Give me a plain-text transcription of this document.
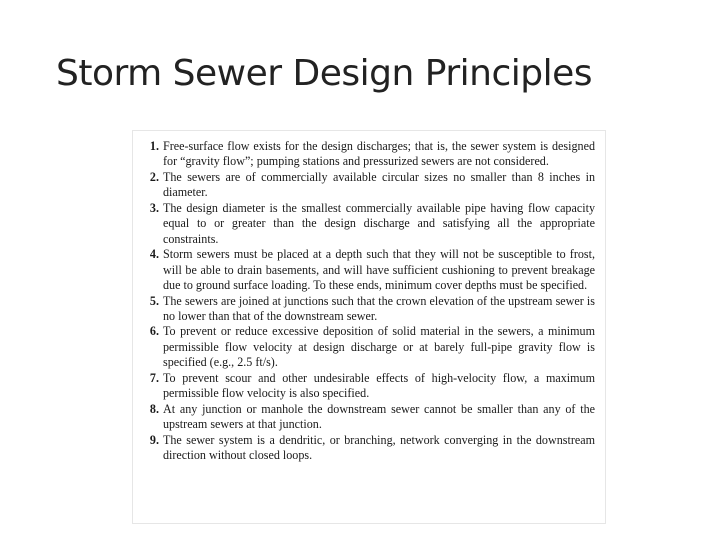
Storm Sewer Design Principles
1. Free-surface flow exists for the design discharges; that is, the sewer system is designed for “gravity flow”; pumping stations and pressurized sewers are not considered.
2. The sewers are of commercially available circular sizes no smaller than 8 inches in diameter.
3. The design diameter is the smallest commercially available pipe having flow capacity equal to or greater than the design discharge and satisfying all the appropriate constraints.
4. Storm sewers must be placed at a depth such that they will not be susceptible to frost, will be able to drain basements, and will have sufficient cushioning to prevent breakage due to ground surface loading. To these ends, minimum cover depths must be specified.
5. The sewers are joined at junctions such that the crown elevation of the upstream sewer is no lower than that of the downstream sewer.
6. To prevent or reduce excessive deposition of solid material in the sewers, a minimum permissible flow velocity at design discharge or at barely full-pipe gravity flow is specified (e.g., 2.5 ft/s).
7. To prevent scour and other undesirable effects of high-velocity flow, a maximum permissible flow velocity is also specified.
8. At any junction or manhole the downstream sewer cannot be smaller than any of the upstream sewers at that junction.
9. The sewer system is a dendritic, or branching, network converging in the downstream direction without closed loops.
